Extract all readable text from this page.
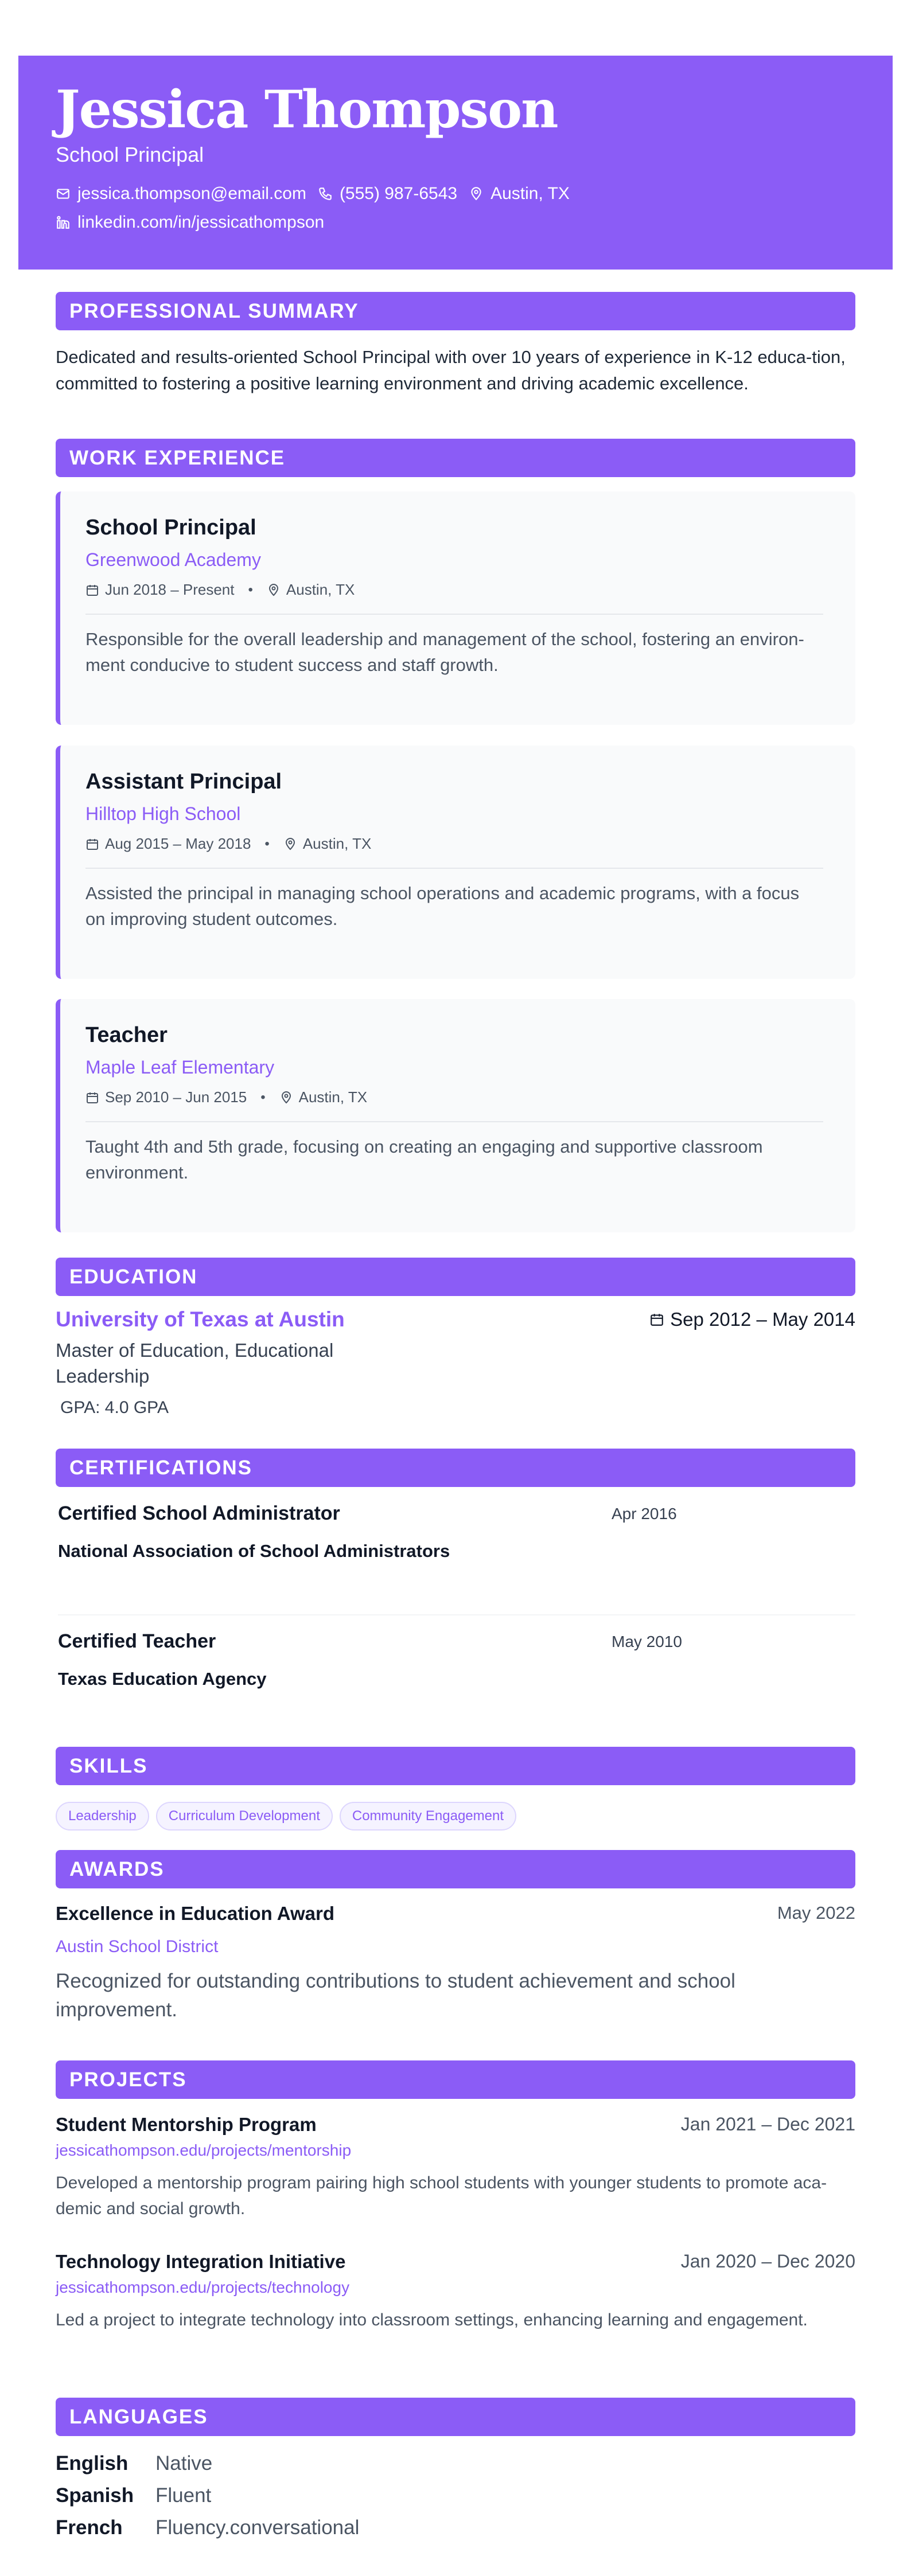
Jessica Thompson
School Principal
jessica.thompson@email.com (555) 987-6543 Austin, TX
linkedin.com/in/jessicathompson
PROFESSIONAL SUMMARY
Dedicated and results-oriented School Principal with over 10 years of experience in K-12 educa-tion, committed to fostering a positive learning environment and driving academic excellence.
WORK EXPERIENCE
School Principal
Greenwood Academy
Jun 2018 – Present • Austin, TX
Responsible for the overall leadership and management of the school, fostering an environ-ment conducive to student success and staff growth.
Assistant Principal
Hilltop High School
Aug 2015 – May 2018 • Austin, TX
Assisted the principal in managing school operations and academic programs, with a focus on improving student outcomes.
Teacher
Maple Leaf Elementary
Sep 2010 – Jun 2015 • Austin, TX
Taught 4th and 5th grade, focusing on creating an engaging and supportive classroom environment.
EDUCATION
University of Texas at Austin
Master of Education, Educational Leadership
GPA: 4.0 GPA
Sep 2012 – May 2014
CERTIFICATIONS
Certified School Administrator
National Association of School Administrators
Apr 2016
Certified Teacher
Texas Education Agency
May 2010
SKILLS
Leadership	Curriculum Development	Community Engagement
AWARDS
Excellence in Education Award	May 2022
Austin School District
Recognized for outstanding contributions to student achievement and school improvement.
PROJECTS
Student Mentorship Program	Jan 2021 – Dec 2021
jessicathompson.edu/projects/mentorship
Developed a mentorship program pairing high school students with younger students to promote aca-demic and social growth.
Technology Integration Initiative	Jan 2020 – Dec 2020
jessicathompson.edu/projects/technology
Led a project to integrate technology into classroom settings, enhancing learning and engagement.
LANGUAGES
English	Native
Spanish	Fluent
French	Fluency.conversational
